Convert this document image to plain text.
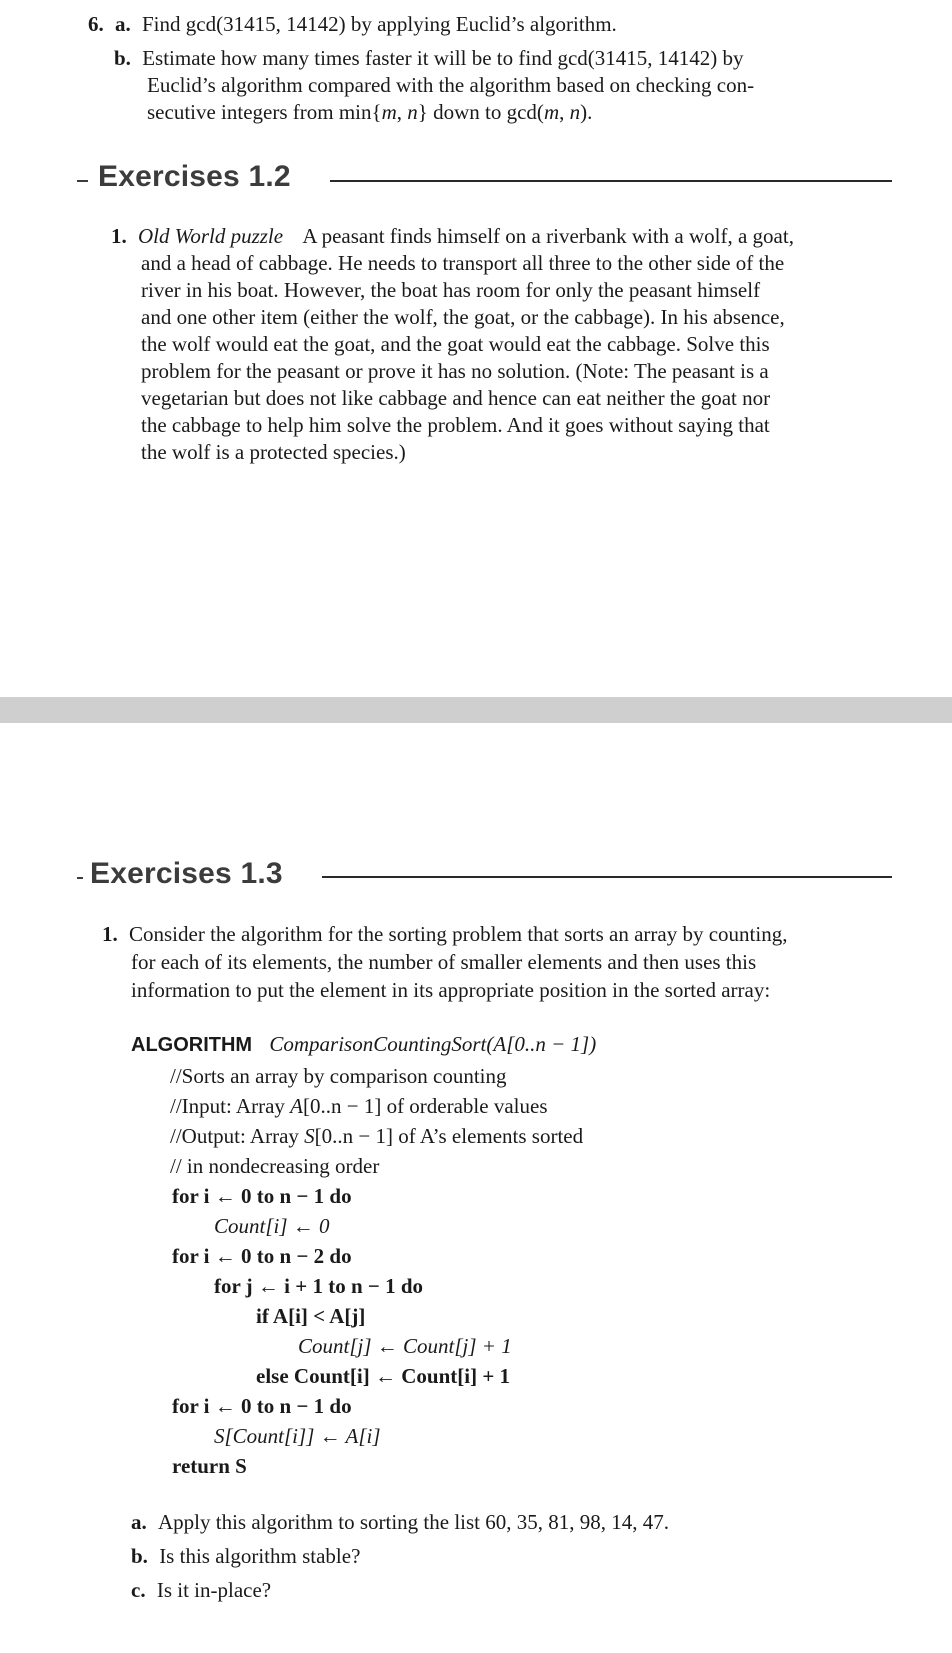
6. a. Find gcd(31415, 14142) by applying Euclid’s algorithm.
b. Estimate how many times faster it will be to find gcd(31415, 14142) by
Euclid’s algorithm compared with the algorithm based on checking con-
secutive integers from min{m, n} down to gcd(m, n).
Exercises 1.2
1. Old World puzzle A peasant finds himself on a riverbank with a wolf, a goat,
and a head of cabbage. He needs to transport all three to the other side of the
river in his boat. However, the boat has room for only the peasant himself
and one other item (either the wolf, the goat, or the cabbage). In his absence,
the wolf would eat the goat, and the goat would eat the cabbage. Solve this
problem for the peasant or prove it has no solution. (Note: The peasant is a
vegetarian but does not like cabbage and hence can eat neither the goat nor
the cabbage to help him solve the problem. And it goes without saying that
the wolf is a protected species.)
Exercises 1.3
1. Consider the algorithm for the sorting problem that sorts an array by counting,
for each of its elements, the number of smaller elements and then uses this
information to put the element in its appropriate position in the sorted array:
ALGORITHM ComparisonCountingSort(A[0..n − 1])
//Sorts an array by comparison counting
//Input: Array A[0..n − 1] of orderable values
//Output: Array S[0..n − 1] of A’s elements sorted
// in nondecreasing order
for i ← 0 to n − 1 do
Count[i] ← 0
for i ← 0 to n − 2 do
for j ← i + 1 to n − 1 do
if A[i] < A[j]
Count[j] ← Count[j] + 1
else Count[i] ← Count[i] + 1
for i ← 0 to n − 1 do
S[Count[i]] ← A[i]
return S
a. Apply this algorithm to sorting the list 60, 35, 81, 98, 14, 47.
b. Is this algorithm stable?
c. Is it in-place?
